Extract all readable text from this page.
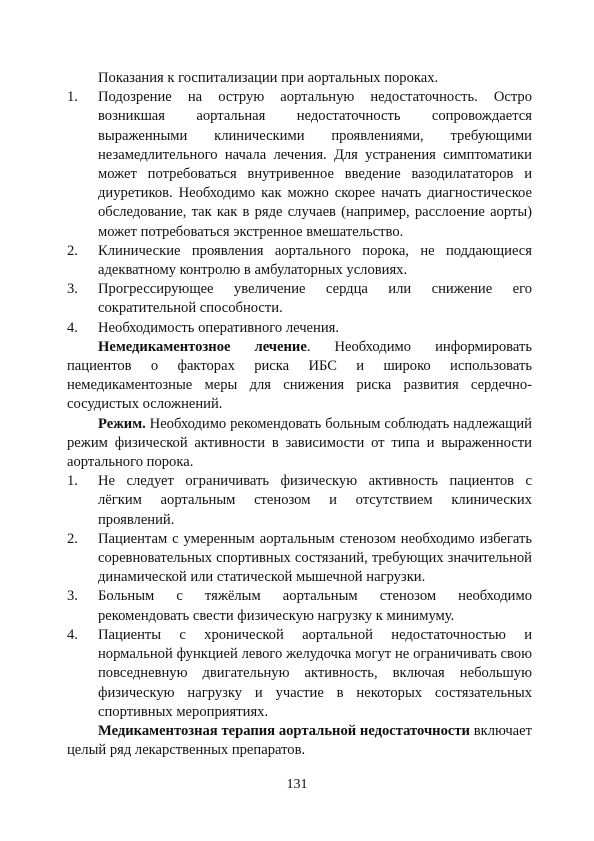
Показания к госпитализации при аортальных пороках.

1. Подозрение на острую аортальную недостаточность. Остро возникшая аортальная недостаточность сопровождается выраженными клиническими проявлениями, требующими незамедлительного начала лечения. Для устранения симптоматики может потребоваться внутривенное введение вазодилататоров и диуретиков. Необходимо как можно скорее начать диагностическое обследование, так как в ряде случаев (например, расслоение аорты) может потребоваться экстренное вмешательство.
2. Клинические проявления аортального порока, не поддающиеся адекватному контролю в амбулаторных условиях.
3. Прогрессирующее увеличение сердца или снижение его сократительной способности.
4. Необходимость оперативного лечения.

Немедикаментозное лечение. Необходимо информировать пациентов о факторах риска ИБС и широко использовать немедикаментозные меры для снижения риска развития сердечно-сосудистых осложнений.

Режим. Необходимо рекомендовать больным соблюдать надлежащий режим физической активности в зависимости от типа и выраженности аортального порока.

1. Не следует ограничивать физическую активность пациентов с лёгким аортальным стенозом и отсутствием клинических проявлений.
2. Пациентам с умеренным аортальным стенозом необходимо избегать соревновательных спортивных состязаний, требующих значительной динамической или статической мышечной нагрузки.
3. Больным с тяжёлым аортальным стенозом необходимо рекомендовать свести физическую нагрузку к минимуму.
4. Пациенты с хронической аортальной недостаточностью и нормальной функцией левого желудочка могут не ограничивать свою повседневную двигательную активность, включая небольшую физическую нагрузку и участие в некоторых состязательных спортивных мероприятиях.

Медикаментозная терапия аортальной недостаточности включает целый ряд лекарственных препаратов.

131
